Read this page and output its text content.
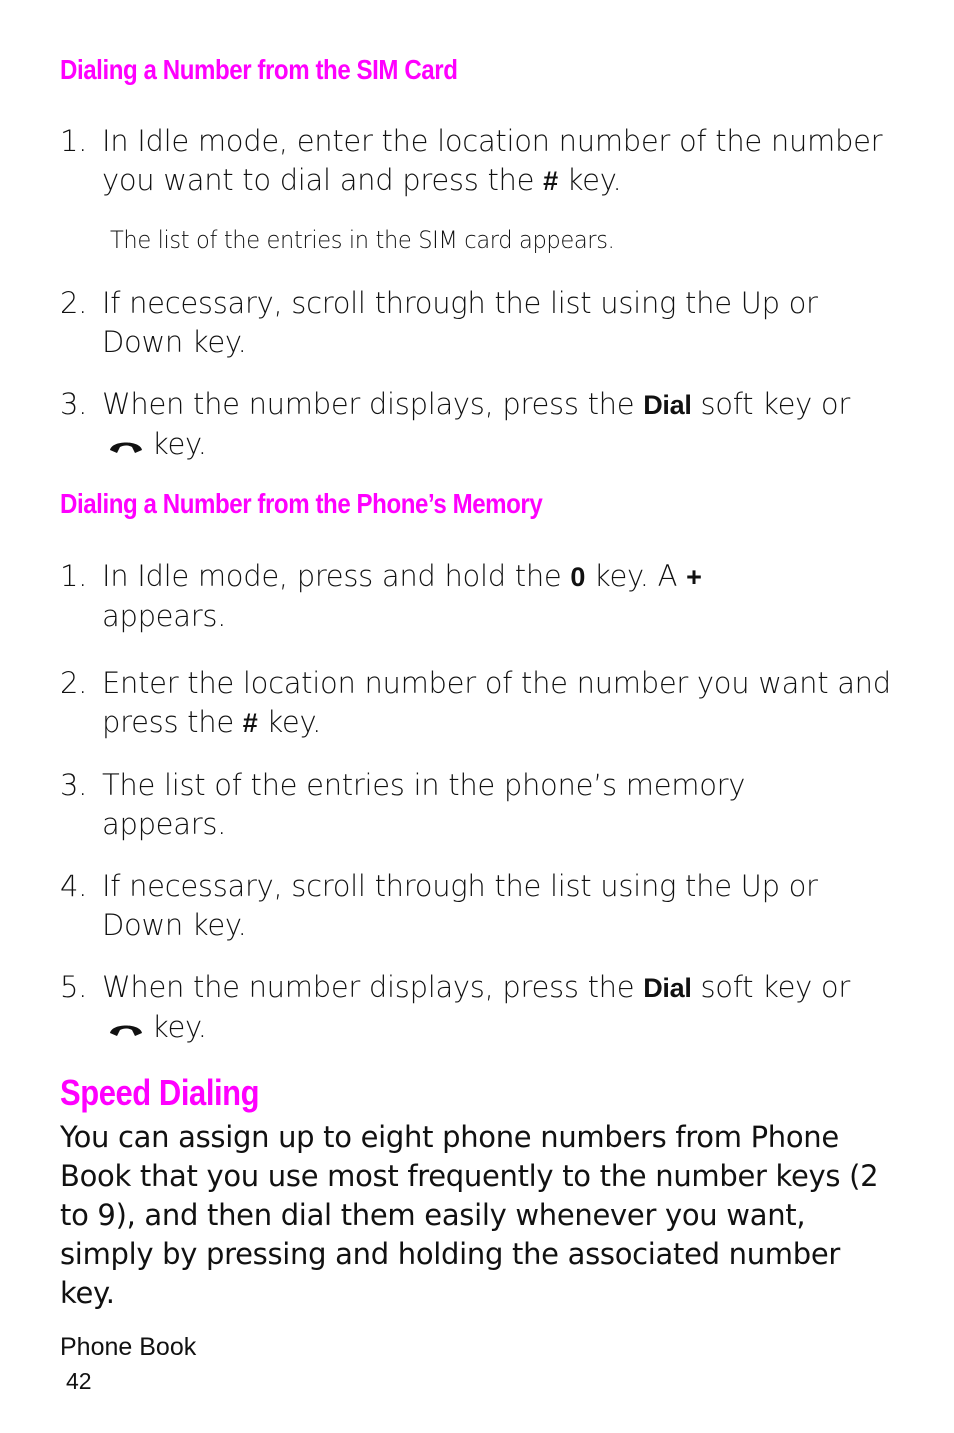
Dialing a Number from the SIM Card
1. In Idle mode, enter the location number of the number you want to dial and press the # key.
The list of the entries in the SIM card appears.
2. If necessary, scroll through the list using the Up or Down key.
3. When the number displays, press the Dial soft key orkey.
Dialing a Number from the Phone’s Memory
1. In Idle mode, press and hold the 0 key. A +
appears.
2. Enter the location number of the number you want and press the # key.
3. The list of the entries in the phone’s memory appears.
4. If necessary, scroll through the list using the Up or Down key.
5. When the number displays, press the Dial soft key orkey.
Speed Dialing
You can assign up to eight phone numbers from Phone Book that you use most frequently to the number keys (2 to 9), and then dial them easily whenever you want, simply by pressing and holding the associated number key.
Phone Book
42
